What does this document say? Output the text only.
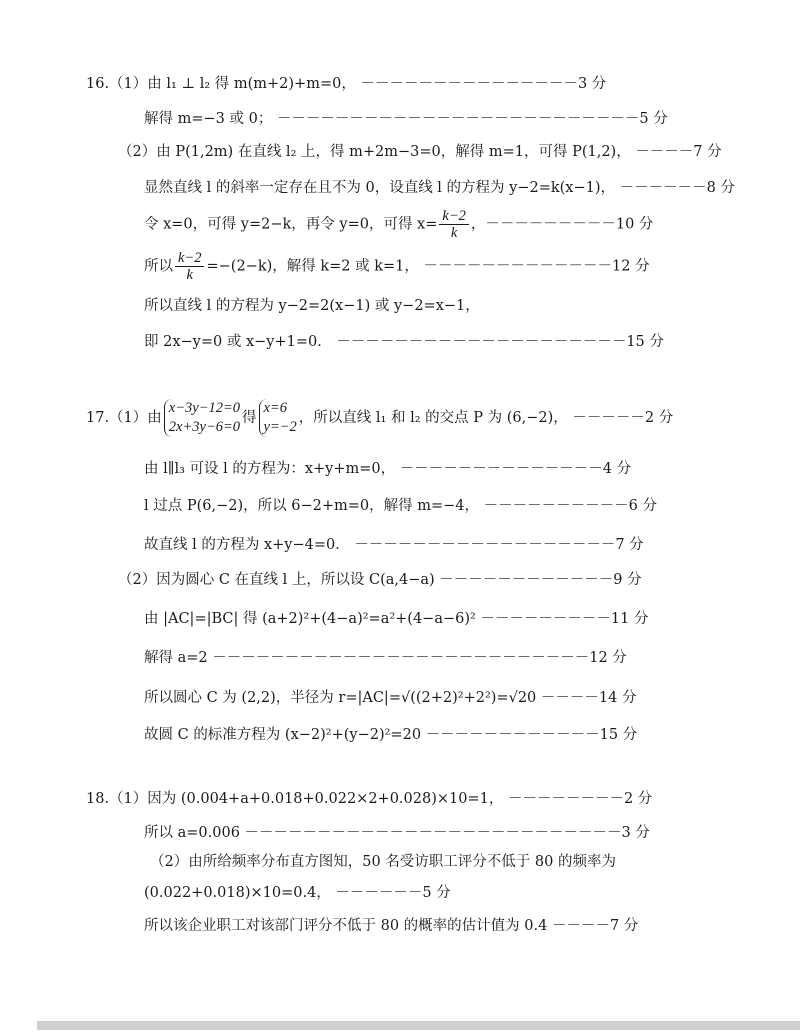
16.（1）由 l₁ ⊥ l₂ 得 m(m+2)+m=0， －－－－－－－－－－－－－－－3 分
解得 m=−3 或 0； －－－－－－－－－－－－－－－－－－－－－－－－－5 分
（2）由 P(1,2m) 在直线 l₂ 上，得 m+2m−3=0，解得 m=1，可得 P(1,2)， －－－－7 分
显然直线 l 的斜率一定存在且不为 0，设直线 l 的方程为 y−2=k(x−1)， －－－－－－8 分
令 x=0，可得 y=2−k，再令 y=0，可得 $x= \frac{k-2}{k}$ ，－－－－－－－－－10 分
所以 $\frac{k-2}{k} =-(2-k)$，解得 k=2 或 k=1， －－－－－－－－－－－－－12 分
所以直线 l 的方程为 y−2=2(x−1) 或 y−2=x−1，
即 2x−y=0 或 x−y+1=0． －－－－－－－－－－－－－－－－－－－－15 分
17.（1）由
x−3y−12=0
2x+3y−6=0
得
x=6
y=−2
，所以直线 l₁ 和 l₂ 的交点 P 为 (6,−2)， －－－－－2 分
由 l∥l₃ 可设 l 的方程为：x+y+m=0， －－－－－－－－－－－－－－4 分
l 过点 P(6,−2)，所以 6−2+m=0，解得 m=−4， －－－－－－－－－－6 分
故直线 l 的方程为 x+y−4=0． －－－－－－－－－－－－－－－－－－7 分
（2）因为圆心 C 在直线 l 上，所以设 C(a,4−a) －－－－－－－－－－－－9 分
由 |AC|=|BC| 得 (a+2)²+(4−a)²=a²+(4−a−6)² －－－－－－－－－11 分
解得 a=2 －－－－－－－－－－－－－－－－－－－－－－－－－－12 分
所以圆心 C 为 (2,2)，半径为 r=|AC|=√((2+2)²+2²)=√20 －－－－14 分
故圆 C 的标准方程为 (x−2)²+(y−2)²=20 －－－－－－－－－－－－15 分
18.（1）因为 (0.004+a+0.018+0.022×2+0.028)×10=1， －－－－－－－－2 分
所以 a=0.006 －－－－－－－－－－－－－－－－－－－－－－－－－－3 分
（2）由所给频率分布直方图知，50 名受访职工评分不低于 80 的频率为
(0.022+0.018)×10=0.4， －－－－－－5 分
所以该企业职工对该部门评分不低于 80 的概率的估计值为 0.4 －－－－7 分
